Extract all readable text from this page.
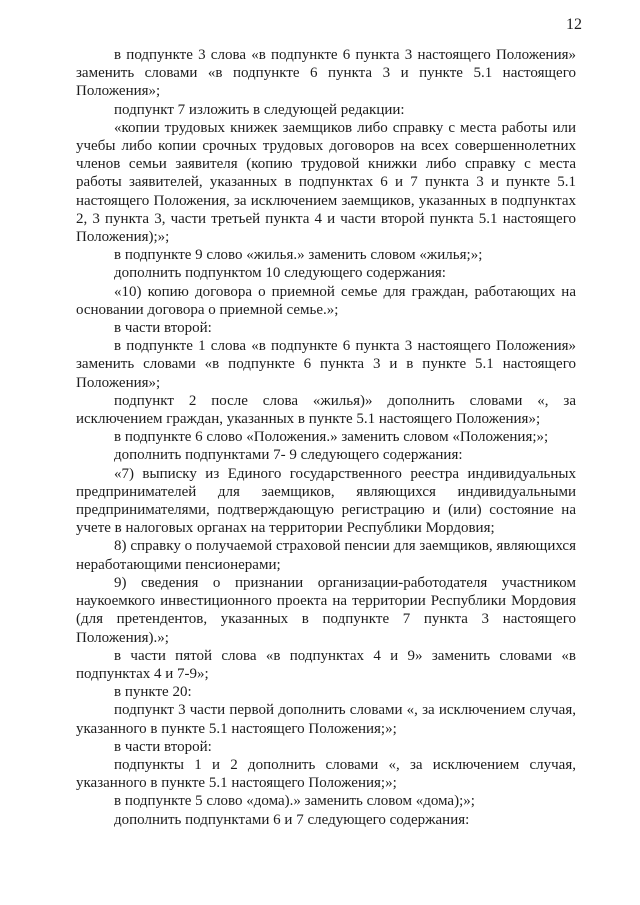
12

в подпункте 3 слова «в подпункте 6 пункта 3 настоящего Положения» заменить словами «в подпункте 6 пункта 3 и пункте 5.1 настоящего Положения»;

подпункт 7 изложить в следующей редакции:

«копии трудовых книжек заемщиков либо справку с места работы или учебы либо копии срочных трудовых договоров на всех совершеннолетних членов семьи заявителя (копию трудовой книжки либо справку с места работы заявителей, указанных в подпунктах 6 и 7 пункта 3 и пункте 5.1 настоящего Положения, за исключением заемщиков, указанных в подпунктах 2, 3 пункта 3, части третьей пункта 4 и части второй пункта 5.1 настоящего Положения);»;

в подпункте 9 слово «жилья.» заменить словом «жилья;»;

дополнить подпунктом 10 следующего содержания:

«10) копию договора о приемной семье для граждан, работающих на основании договора о приемной семье.»;

в части второй:

в подпункте 1 слова «в подпункте 6 пункта 3 настоящего Положения» заменить словами «в подпункте 6 пункта 3 и в пункте 5.1 настоящего Положения»;

подпункт 2 после слова «жилья)» дополнить словами «, за исключением граждан, указанных в пункте 5.1 настоящего Положения»;

в подпункте 6 слово «Положения.» заменить словом «Положения;»;

дополнить подпунктами 7- 9 следующего содержания:

«7) выписку из Единого государственного реестра индивидуальных предпринимателей для заемщиков, являющихся индивидуальными предпринимателями, подтверждающую регистрацию и (или) состояние на учете в налоговых органах на территории Республики Мордовия;

8) справку о получаемой страховой пенсии для заемщиков, являющихся неработающими пенсионерами;

9) сведения о признании организации-работодателя участником наукоемкого инвестиционного проекта на территории Республики Мордовия (для претендентов, указанных в подпункте 7 пункта 3 настоящего Положения).»;

в части пятой слова «в подпунктах 4 и 9» заменить словами «в подпунктах 4 и 7-9»;

в пункте 20:

подпункт 3 части первой дополнить словами «, за исключением случая, указанного в пункте 5.1 настоящего Положения;»;

в части второй:

подпункты 1 и 2 дополнить словами «, за исключением случая, указанного в пункте 5.1 настоящего Положения;»;

в подпункте 5 слово «дома).» заменить словом «дома);»;

дополнить подпунктами 6 и 7 следующего содержания:
